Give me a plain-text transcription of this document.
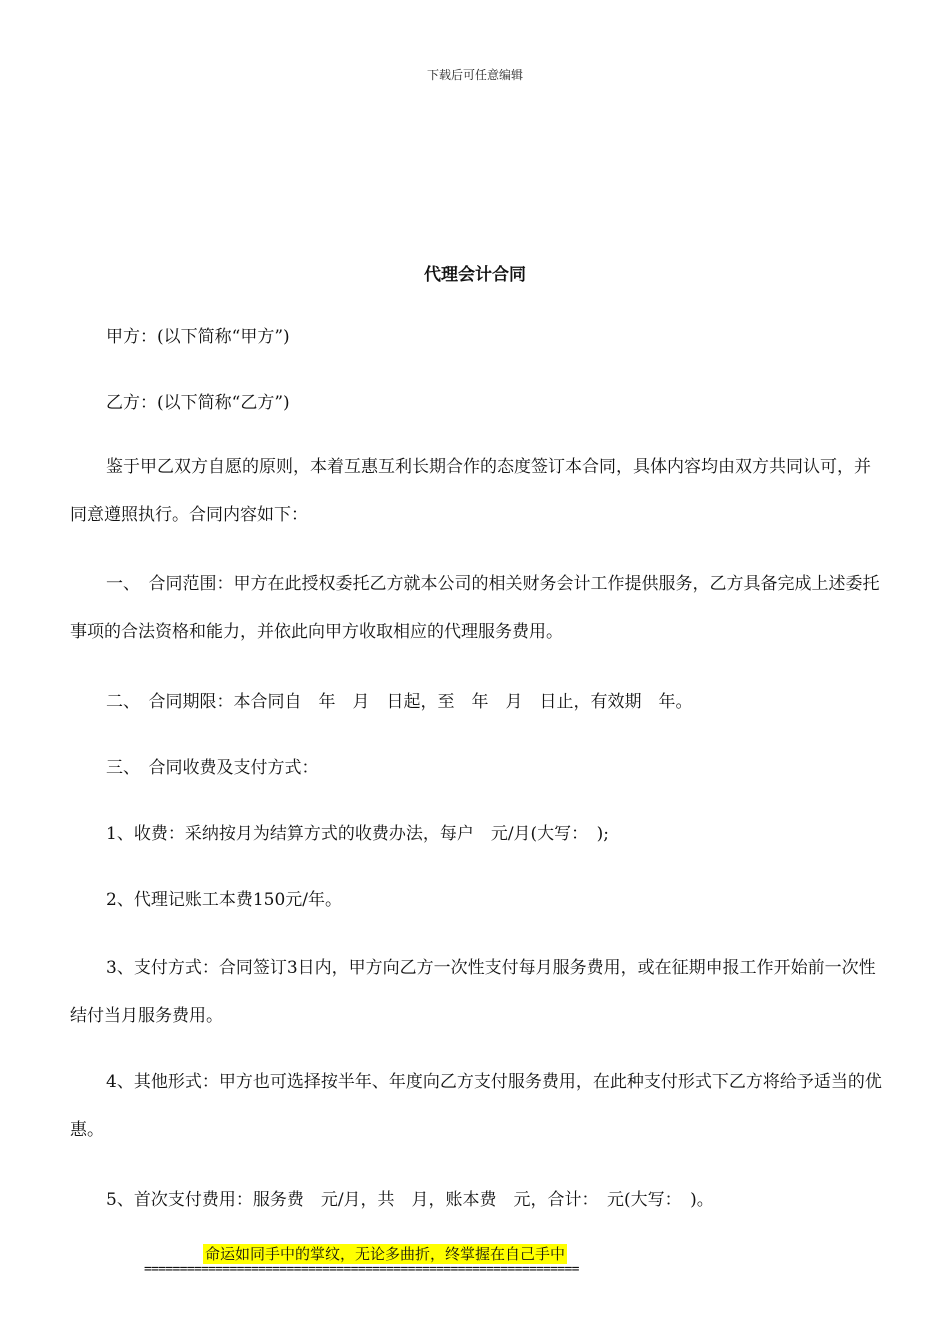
下载后可任意编辑
代理会计合同

甲方：(以下简称“甲方”)

乙方：(以下简称“乙方”)

鉴于甲乙双方自愿的原则，本着互惠互利长期合作的态度签订本合同，具体内容均由双方共同认可，并同意遵照执行。合同内容如下：

一、　合同范围：甲方在此授权委托乙方就本公司的相关财务会计工作提供服务，乙方具备完成上述委托事项的合法资格和能力，并依此向甲方收取相应的代理服务费用。

二、　合同期限：本合同自　年　月　日起，至　年　月　日止，有效期　年。

三、　合同收费及支付方式：

1、收费：采纳按月为结算方式的收费办法，每户　元/月(大写：　);

2、代理记账工本费150元/年。

3、支付方式：合同签订3日内，甲方向乙方一次性支付每月服务费用，或在征期申报工作开始前一次性结付当月服务费用。

4、其他形式：甲方也可选择按半年、年度向乙方支付服务费用，在此种支付形式下乙方将给予适当的优惠。

5、首次支付费用：服务费　元/月，共　月，账本费　元，合计：　元(大写：　)。

命运如同手中的掌纹，无论多曲折，终掌握在自己手中
=============================================================
